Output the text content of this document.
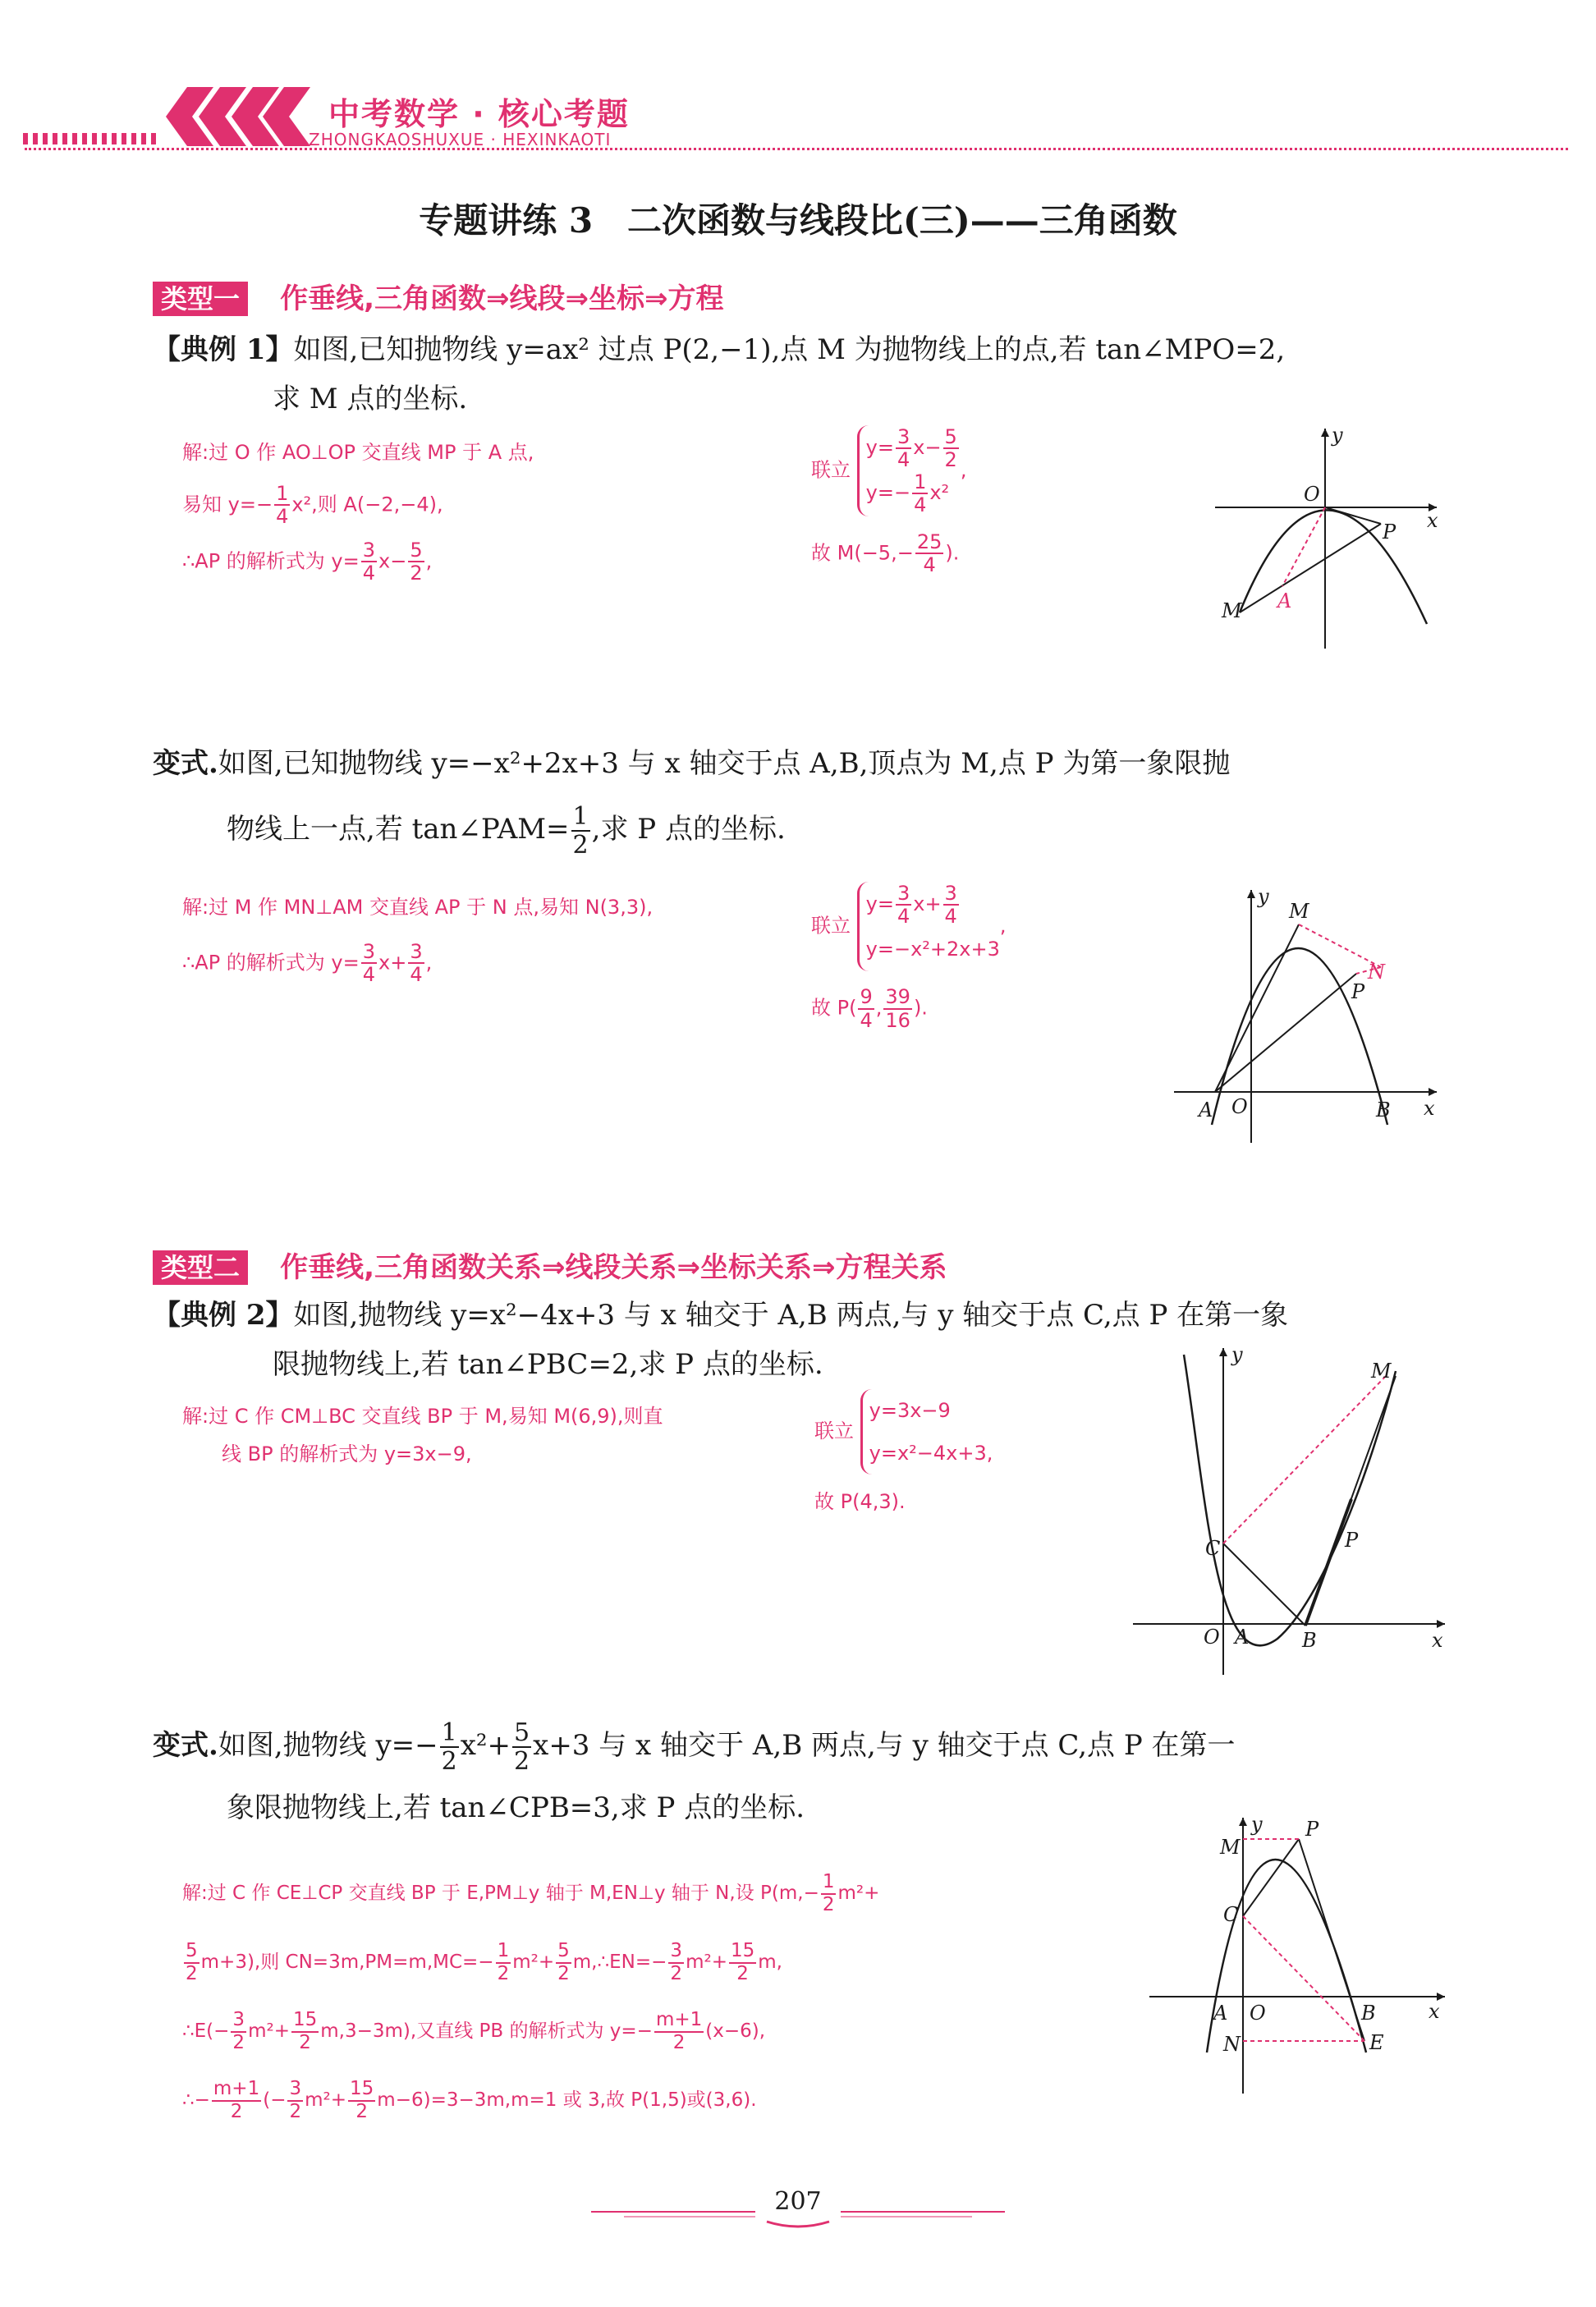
中考数学 · 核心考题
ZHONGKAOSHUXUE · HEXINKAOTI
专题讲练 3　二次函数与线段比(三)——三角函数
类型一 作垂线,三角函数⇒线段⇒坐标⇒方程
【典例 1】如图,已知抛物线 y=ax² 过点 P(2,−1),点 M 为抛物线上的点,若 tan∠MPO=2,
求 M 点的坐标.
解:过 O 作 AO⊥OP 交直线 MP 于 A 点,
易知 $y=- \frac{1}{4} x^2$,则 A(−2,−4),
∴AP 的解析式为 $y= \frac{3}{4} x- \frac{5}{2}$ ,
联立
$y= \frac{3}{4} x- \frac{5}{2}$
$y=- \frac{1}{4} x^2$
,
故 $M(-5,- \frac{25}{4}$ ).
y
x
O
P
M A
变式.如图,已知抛物线 y=−x²+2x+3 与 x 轴交于点 A,B,顶点为 M,点 P 为第一象限抛
物线上一点,若 tan∠PAM= $\frac{1}{2}$ ,求 P 点的坐标.
解:过 M 作 MN⊥AM 交直线 AP 于 N 点,易知 N(3,3),
∴AP 的解析式为 $y= \frac{3}{4} x+ \frac{3}{4}$ ,
联立
$y= \frac{3}{4} x+ \frac{3}{4}$
y=−x²+2x+3
,
故 $P( \frac{9}{4}$ , $\frac{39}{16}$ ).
y
x
A O	B
M
P
N
类型二 作垂线,三角函数关系⇒线段关系⇒坐标关系⇒方程关系
【典例 2】如图,抛物线 y=x²−4x+3 与 x 轴交于 A,B 两点,与 y 轴交于点 C,点 P 在第一象
限抛物线上,若 tan∠PBC=2,求 P 点的坐标.
解:过 C 作 CM⊥BC 交直线 BP 于 M,易知 M(6,9),则直
线 BP 的解析式为 y=3x−9,
联立
y=3x−9
y=x²−4x+3,
故 P(4,3).
y
x
O A	B
C	P
M
变式.如图,抛物线 $y=- \frac{1}{2} x^2+ \frac{5}{2} x+3$ 与 x 轴交于 A,B 两点,与 y 轴交于点 C,点 P 在第一
象限抛物线上,若 tan∠CPB=3,求 P 点的坐标.
解:过 C 作 CE⊥CP 交直线 BP 于 E,PM⊥y 轴于 M,EN⊥y 轴于 N,设 $P(m,- \frac{1}{2} m^2+$
$\frac{5}{2} m+3$),则 $CN=3m,PM=m,MC=- \frac{1}{2} m^2+ \frac{5}{2}$ m,∴EN=− $\frac{3}{2} m^2+ \frac{15}{2} m$,
∴E(− $\frac{3}{2} m^2+ \frac{15}{2} m,3-3m$),又直线 PB 的解析式为 $y=- \frac{m+1}{2} (x-6)$,
∴− $\frac{m+1}{2}$ (− $\frac{3}{2} m^2+ \frac{15}{2} m-6)=3-3m,m=1$ 或 3,故 P(1,5)或(3,6).
y
x
M
P
C
A O	B
N	E
207
